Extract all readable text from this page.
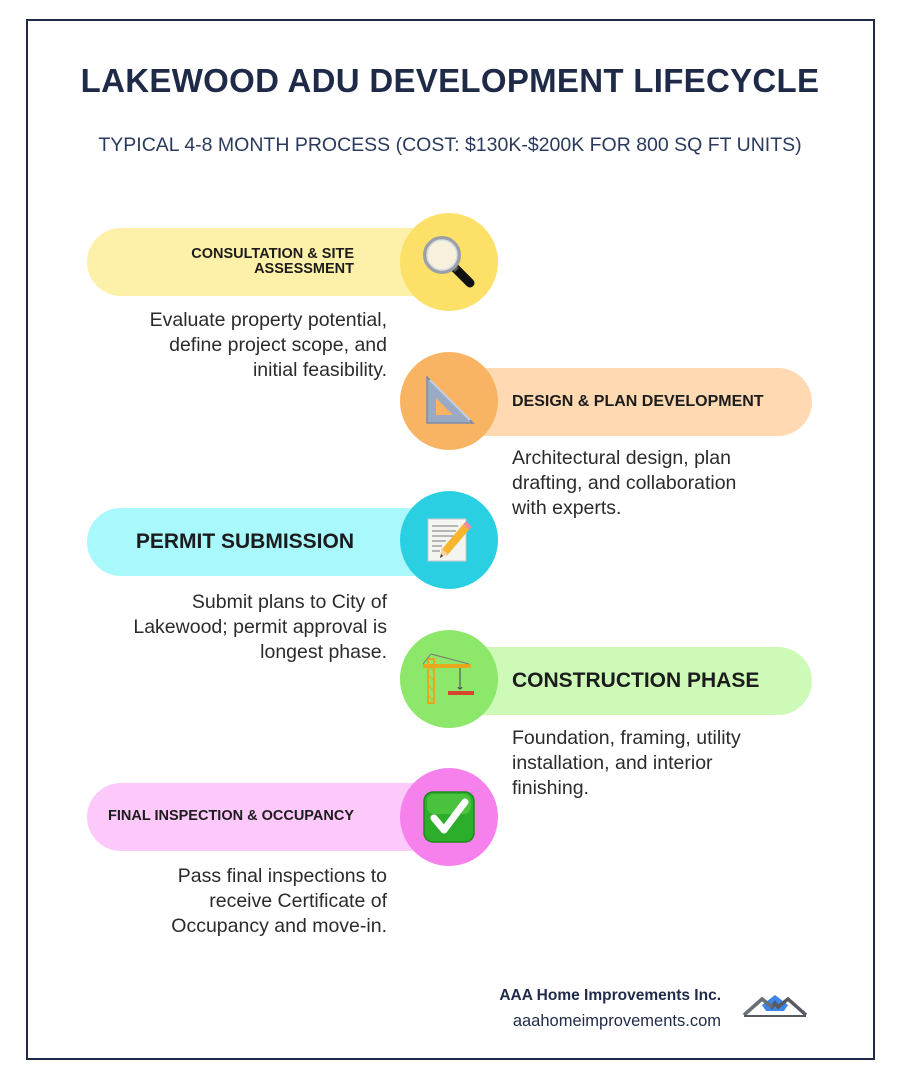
LAKEWOOD ADU DEVELOPMENT LIFECYCLE
TYPICAL 4-8 MONTH PROCESS (COST: $130K-$200K FOR 800 SQ FT UNITS)
CONSULTATION & SITE
ASSESSMENT
Evaluate property potential,
define project scope, and
initial feasibility.
DESIGN & PLAN DEVELOPMENT
Architectural design, plan
drafting, and collaboration
with experts.
PERMIT SUBMISSION
Submit plans to City of
Lakewood; permit approval is
longest phase.
CONSTRUCTION PHASE
Foundation, framing, utility
installation, and interior
finishing.
FINAL INSPECTION & OCCUPANCY
Pass final inspections to
receive Certificate of
Occupancy and move-in.
AAA Home Improvements Inc.
aaahomeimprovements.com
